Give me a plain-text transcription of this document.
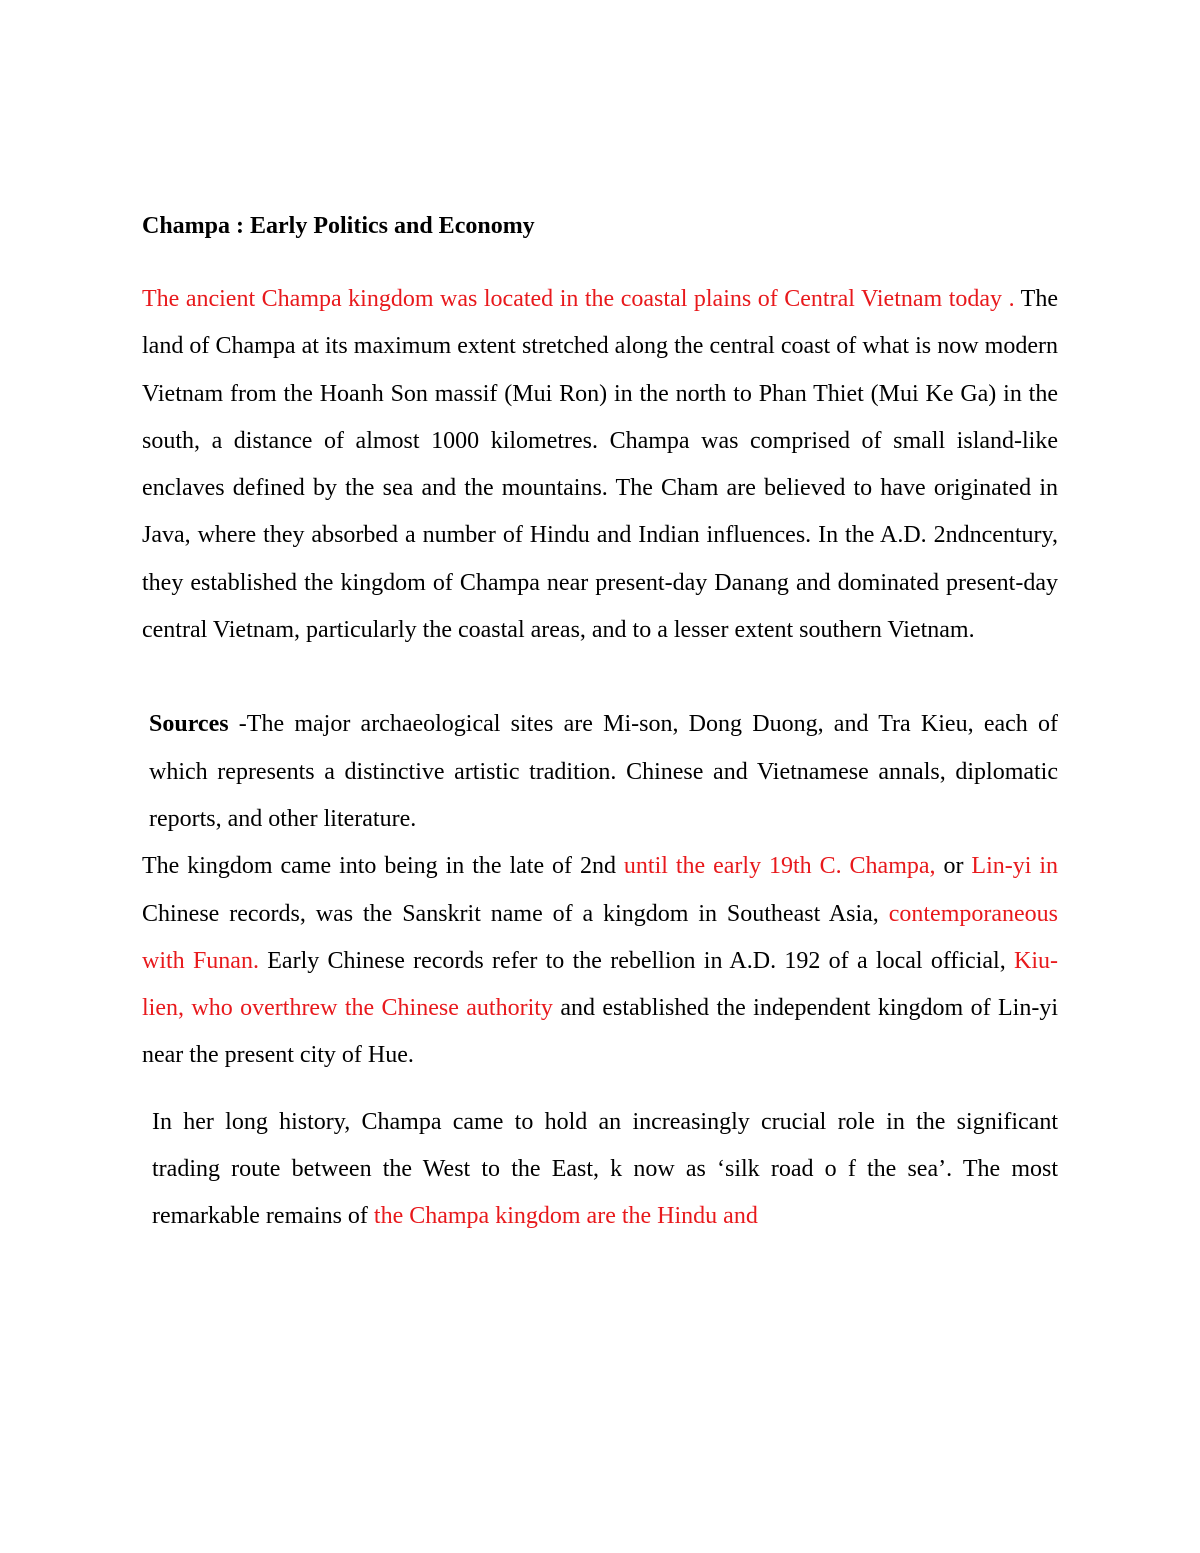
Champa : Early Politics and Economy

The ancient Champa kingdom was located in the coastal plains of Central Vietnam today . The land of Champa at its maximum extent stretched along the central coast of what is now modern Vietnam from the Hoanh Son massif (Mui Ron) in the north to Phan Thiet (Mui Ke Ga) in the south, a distance of almost 1000 kilometres. Champa was comprised of small island-like enclaves defined by the sea and the mountains. The Cham are believed to have originated in Java, where they absorbed a number of Hindu and Indian influences. In the A.D. 2ndncentury, they established the kingdom of Champa near present-day Danang and dominated present-day central Vietnam, particularly the coastal areas, and to a lesser extent southern Vietnam.

Sources -The major archaeological sites are Mi-son, Dong Duong, and Tra Kieu, each of which represents a distinctive artistic tradition. Chinese and Vietnamese annals, diplomatic reports, and other literature.

The kingdom came into being in the late of 2nd until the early 19th C. Champa, or Lin-yi in Chinese records, was the Sanskrit name of a kingdom in Southeast Asia, contemporaneous with Funan. Early Chinese records refer to the rebellion in A.D. 192 of a local official, Kiu-lien, who overthrew the Chinese authority and established the independent kingdom of Lin-yi near the present city of Hue.

In her long history, Champa came to hold an increasingly crucial role in the significant trading route between the West to the East, k now as ‘silk road o f the sea’. The most remarkable remains of the Champa kingdom are the Hindu and
